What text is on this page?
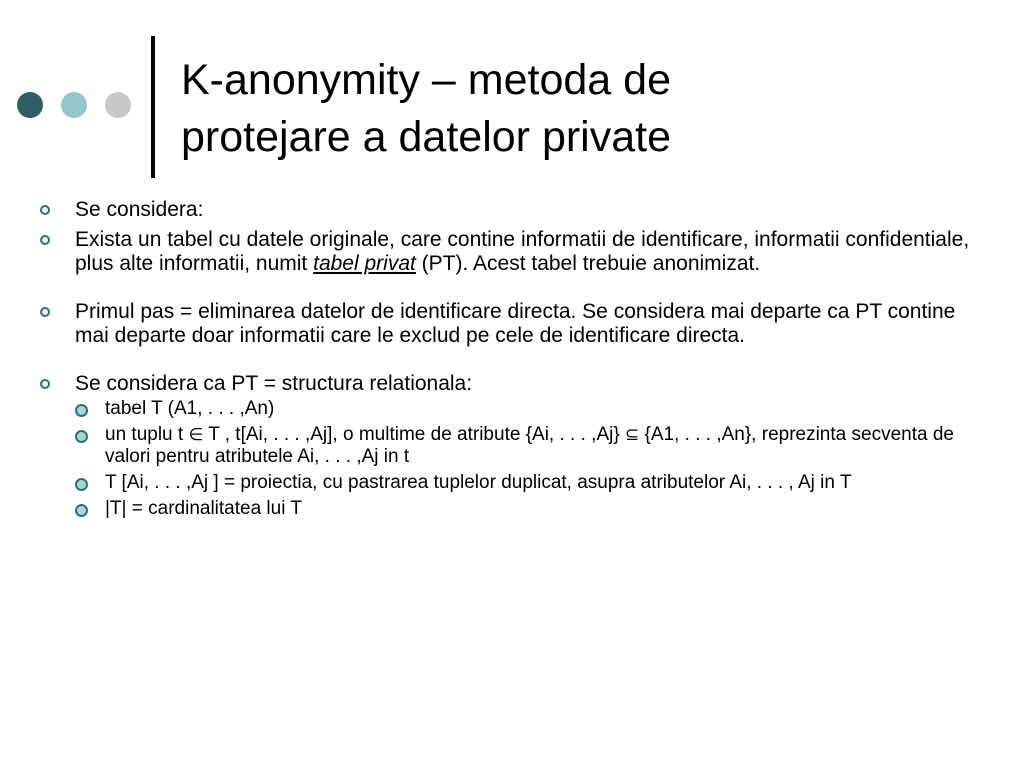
K-anonymity – metoda de
protejare a datelor private

Se considera:

Exista un tabel cu datele originale, care contine informatii de identificare, informatii confidentiale, plus alte informatii, numit tabel privat (PT). Acest tabel trebuie anonimizat.

Primul pas = eliminarea datelor de identificare directa. Se considera mai departe ca PT contine mai departe doar informatii care le exclud pe cele de identificare directa.

Se considera ca PT = structura relationala:

tabel T (A1, . . . ,An)

un tuplu t ∈ T , t[Ai, . . . ,Aj], o multime de atribute {Ai, . . . ,Aj} ⊆ {A1, . . . ,An}, reprezinta secventa de valori pentru atributele Ai, . . . ,Aj in t

T [Ai, . . . ,Aj ] = proiectia, cu pastrarea tuplelor duplicat, asupra atributelor Ai, . . . , Aj in T

|T| = cardinalitatea lui T
